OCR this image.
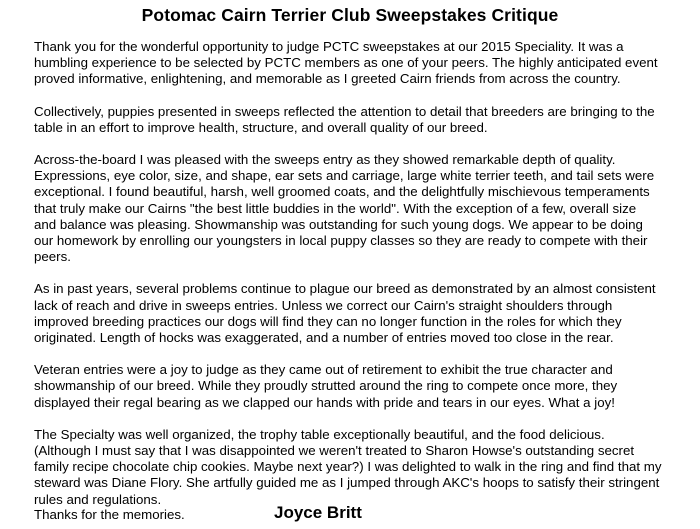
Potomac Cairn Terrier Club Sweepstakes Critique

Thank you for the wonderful opportunity to judge PCTC sweepstakes at our 2015 Speciality. It was a
humbling experience to be selected by PCTC members as one of your peers. The highly anticipated event
proved informative, enlightening, and memorable as I greeted Cairn friends from across the country.

Collectively, puppies presented in sweeps reflected the attention to detail that breeders are bringing to the
table in an effort to improve health, structure, and overall quality of our breed.

Across-the-board I was pleased with the sweeps entry as they showed remarkable depth of quality.
Expressions, eye color, size, and shape, ear sets and carriage, large white terrier teeth, and tail sets were
exceptional. I found beautiful, harsh, well groomed coats, and the delightfully mischievous temperaments
that truly make our Cairns "the best little buddies in the world". With the exception of a few, overall size
and balance was pleasing. Showmanship was outstanding for such young dogs. We appear to be doing
our homework by enrolling our youngsters in local puppy classes so they are ready to compete with their
peers.

As in past years, several problems continue to plague our breed as demonstrated by an almost consistent
lack of reach and drive in sweeps entries. Unless we correct our Cairn's straight shoulders through
improved breeding practices our dogs will find they can no longer function in the roles for which they
originated. Length of hocks was exaggerated, and a number of entries moved too close in the rear.

Veteran entries were a joy to judge as they came out of retirement to exhibit the true character and
showmanship of our breed. While they proudly strutted around the ring to compete once more, they
displayed their regal bearing as we clapped our hands with pride and tears in our eyes. What a joy!

The Specialty was well organized, the trophy table exceptionally beautiful, and the food delicious.
(Although I must say that I was disappointed we weren't treated to Sharon Howse's outstanding secret
family recipe chocolate chip cookies. Maybe next year?) I was delighted to walk in the ring and find that my
steward was Diane Flory. She artfully guided me as I jumped through AKC's hoops to satisfy their stringent
rules and regulations.

Thanks for the memories.	Joyce Britt
